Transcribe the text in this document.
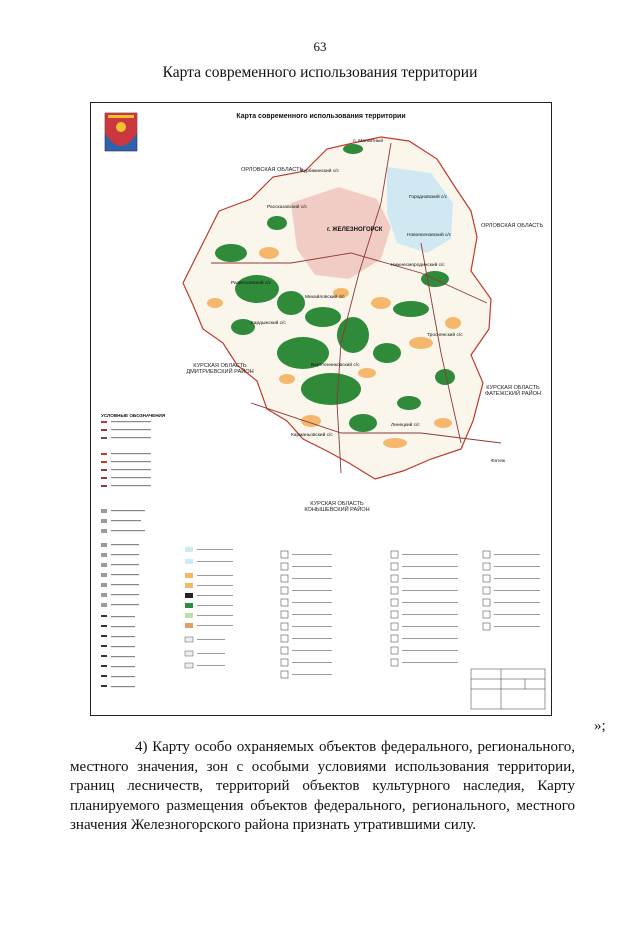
63
Карта современного использования территории
Карта современного использования территории
ОРЛОВСКАЯ ОБЛАСТЬ
ОРЛОВСКАЯ ОБЛАСТЬ
КУРСКАЯ ОБЛАСТЬ ДМИТРИЕВСКИЙ РАЙОН
КУРСКАЯ ОБЛАСТЬ ФАТЕЖСКИЙ РАЙОН
КУРСКАЯ ОБЛАСТЬ КОНЫШЕВСКИЙ РАЙОН
п. Магнитный
г. ЖЕЛЕЗНОГОРСК
Городновский с/с
Курбакинский с/с
Рассказовский с/с
Михайловский с/с
Кардыжский с/с
Нижнесмородинский с/с
Троснянский с/с
Веретенниковский с/с
Карманьовский с/с
Линецкий с/с
Фатеж
Разветьевский с/с
Новоясеновский с/с
УСЛОВНЫЕ ОБОЗНАЧЕНИЯ
»;
4) Карту особо охраняемых объектов федерального, регионального, местного значения, зон с особыми условиями использования территории, границ лесничеств, территорий объектов культурного наследия, Карту планируемого размещения объектов федерального, регионального, местного значения Железногорского района признать утратившими силу.
